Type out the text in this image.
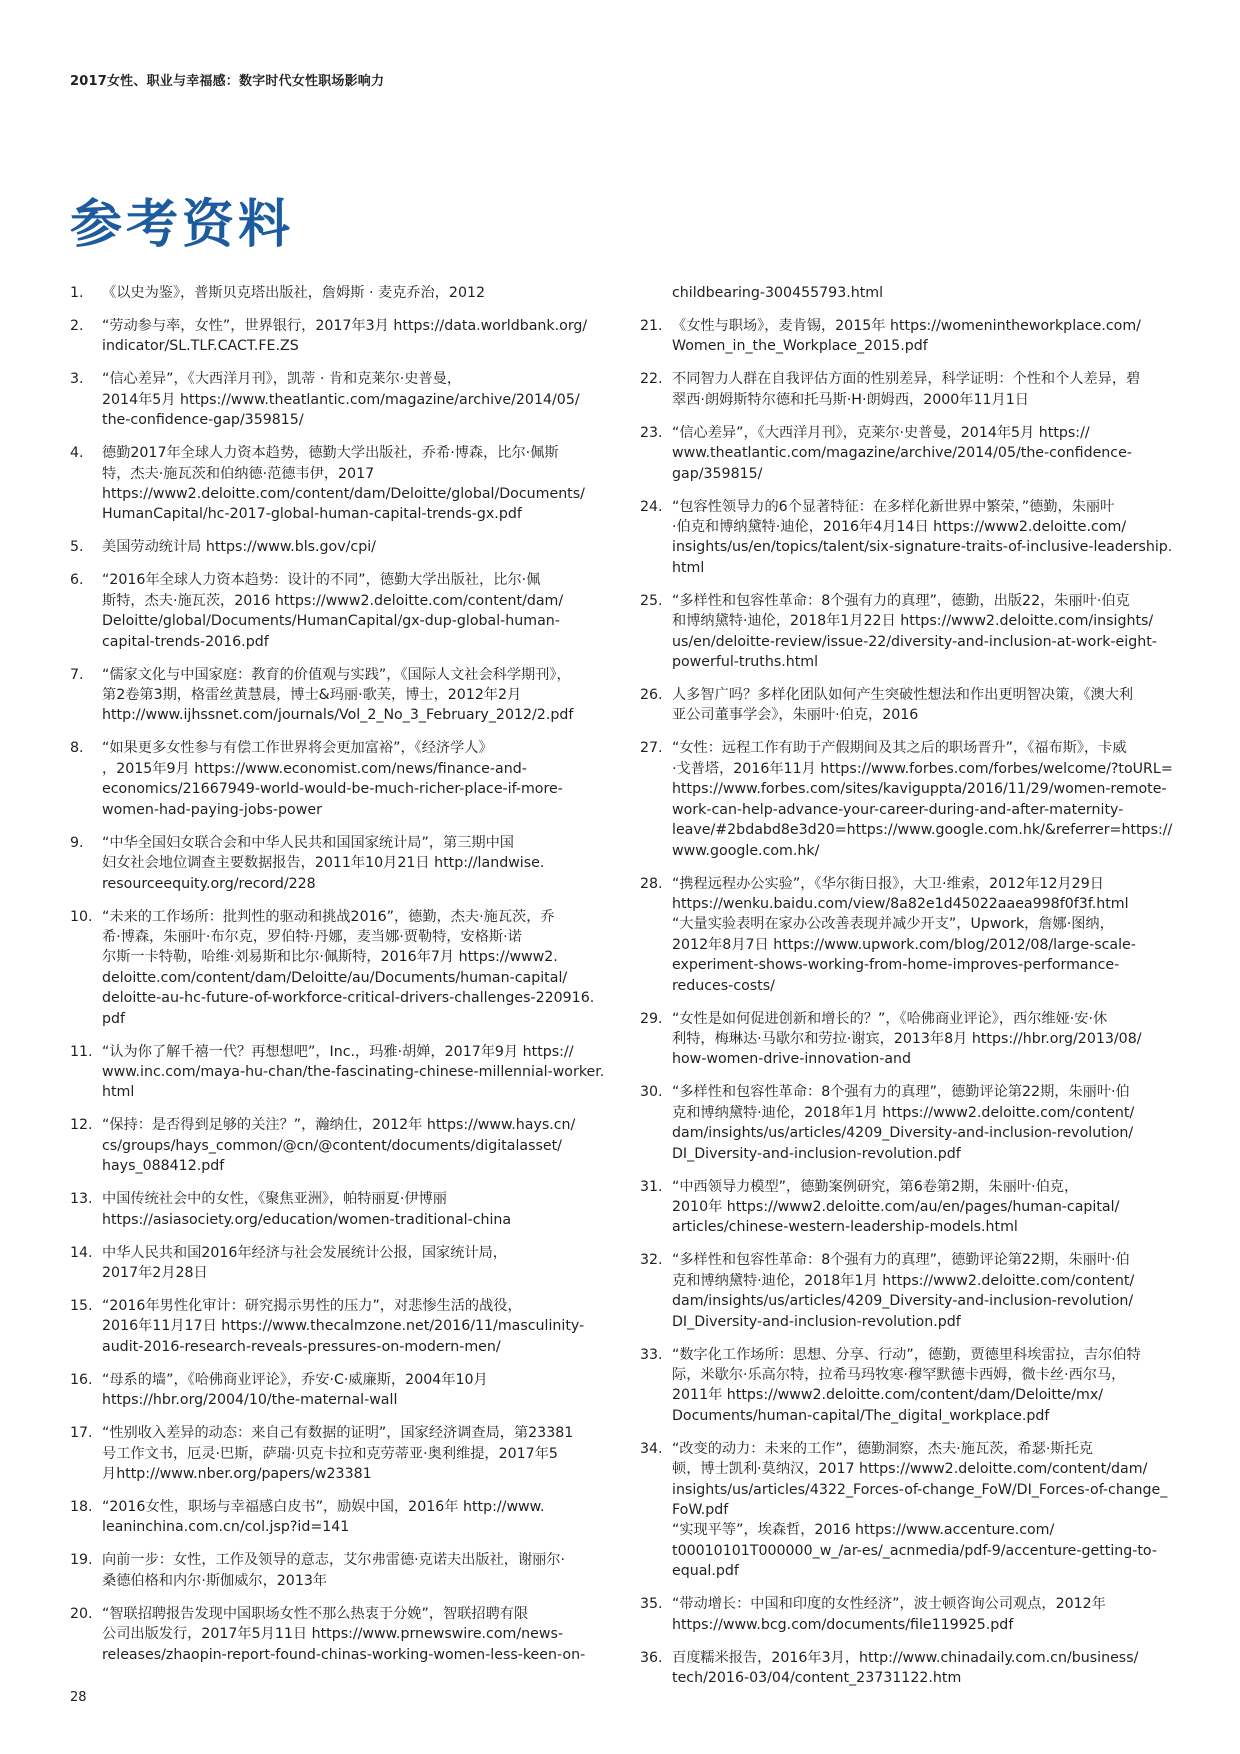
2017女性、职业与幸福感：数字时代女性职场影响力
参考资料
1. 《以史为鉴》，普斯贝克塔出版社，詹姆斯 · 麦克乔治，2012
2. “劳动参与率，女性”，世界银行，2017年3月 https://data.worldbank.org/
indicator/SL.TLF.CACT.FE.ZS
3. “信心差异”，《大西洋月刊》，凯蒂 · 肯和克莱尔·史普曼，
2014年5月 https://www.theatlantic.com/magazine/archive/2014/05/
the-confidence-gap/359815/
4. 德勤2017年全球人力资本趋势，德勤大学出版社，乔希·博森，比尔·佩斯
特，杰夫·施瓦茨和伯纳德·范德韦伊，2017
https://www2.deloitte.com/content/dam/Deloitte/global/Documents/
HumanCapital/hc-2017-global-human-capital-trends-gx.pdf
5. 美国劳动统计局 https://www.bls.gov/cpi/
6. “2016年全球人力资本趋势：设计的不同”，德勤大学出版社，比尔·佩
斯特，杰夫·施瓦茨，2016 https://www2.deloitte.com/content/dam/
Deloitte/global/Documents/HumanCapital/gx-dup-global-human-
capital-trends-2016.pdf
7. “儒家文化与中国家庭：教育的价值观与实践”，《国际人文社会科学期刊》，
第2卷第3期，格雷丝黄慧晨，博士&玛丽·歌芙，博士，2012年2月
http://www.ijhssnet.com/journals/Vol_2_No_3_February_2012/2.pdf
8. “如果更多女性参与有偿工作世界将会更加富裕”，《经济学人》
，2015年9月 https://www.economist.com/news/finance-and-
economics/21667949-world-would-be-much-richer-place-if-more-
women-had-paying-jobs-power
9. “中华全国妇女联合会和中华人民共和国国家统计局”，第三期中国
妇女社会地位调查主要数据报告，2011年10月21日 http://landwise.
resourceequity.org/record/228
10. “未来的工作场所：批判性的驱动和挑战2016”，德勤，杰夫·施瓦茨，乔
希·博森，朱丽叶·布尔克，罗伯特·丹娜，麦当娜·贾勒特，安格斯·诺
尔斯一卡特勒，哈维·刘易斯和比尔·佩斯特，2016年7月 https://www2.
deloitte.com/content/dam/Deloitte/au/Documents/human-capital/
deloitte-au-hc-future-of-workforce-critical-drivers-challenges-220916.
pdf
11. “认为你了解千禧一代？再想想吧”，Inc.，玛雅·胡婵，2017年9月 https://
www.inc.com/maya-hu-chan/the-fascinating-chinese-millennial-worker.
html
12. “保持：是否得到足够的关注？”，瀚纳仕，2012年 https://www.hays.cn/
cs/groups/hays_common/@cn/@content/documents/digitalasset/
hays_088412.pdf
13. 中国传统社会中的女性，《聚焦亚洲》，帕特丽夏·伊博丽
https://asiasociety.org/education/women-traditional-china
14. 中华人民共和国2016年经济与社会发展统计公报，国家统计局，
2017年2月28日
15. “2016年男性化审计：研究揭示男性的压力”，对悲惨生活的战役，
2016年11月17日 https://www.thecalmzone.net/2016/11/masculinity-
audit-2016-research-reveals-pressures-on-modern-men/
16. “母系的墙”，《哈佛商业评论》，乔安·C·威廉斯，2004年10月
https://hbr.org/2004/10/the-maternal-wall
17. “性别收入差异的动态：来自己有数据的证明”，国家经济调查局，第23381
号工作文书，厄灵·巴斯，萨瑞·贝克卡拉和克劳蒂亚·奥利维提，2017年5
月http://www.nber.org/papers/w23381
18. “2016女性，职场与幸福感白皮书”，励娱中国，2016年 http://www.
leaninchina.com.cn/col.jsp?id=141
19. 向前一步：女性，工作及领导的意志，艾尔弗雷德·克诺夫出版社，谢丽尔·
桑德伯格和内尔·斯伽威尔，2013年
20. “智联招聘报告发现中国职场女性不那么热衷于分娩”，智联招聘有限
公司出版发行，2017年5月11日 https://www.prnewswire.com/news-
releases/zhaopin-report-found-chinas-working-women-less-keen-on-
childbearing-300455793.html
21. 《女性与职场》，麦肯锡，2015年 https://womenintheworkplace.com/
Women_in_the_Workplace_2015.pdf
22. 不同智力人群在自我评估方面的性别差异，科学证明：个性和个人差异，碧
翠西·朗姆斯特尔德和托马斯·H·朗姆西，2000年11月1日
23. “信心差异”，《大西洋月刊》，克莱尔·史普曼，2014年5月 https://
www.theatlantic.com/magazine/archive/2014/05/the-confidence-
gap/359815/
24. “包容性领导力的6个显著特征：在多样化新世界中繁荣，”德勤，朱丽叶
·伯克和博纳黛特·迪伦，2016年4月14日 https://www2.deloitte.com/
insights/us/en/topics/talent/six-signature-traits-of-inclusive-leadership.
html
25. “多样性和包容性革命：8个强有力的真理”，德勤，出版22，朱丽叶·伯克
和博纳黛特·迪伦，2018年1月22日 https://www2.deloitte.com/insights/
us/en/deloitte-review/issue-22/diversity-and-inclusion-at-work-eight-
powerful-truths.html
26. 人多智广吗？多样化团队如何产生突破性想法和作出更明智决策，《澳大利
亚公司董事学会》，朱丽叶·伯克，2016
27. “女性：远程工作有助于产假期间及其之后的职场晋升”，《福布斯》，卡威
·戈普塔，2016年11月 https://www.forbes.com/forbes/welcome/?toURL=
https://www.forbes.com/sites/kaviguppta/2016/11/29/women-remote-
work-can-help-advance-your-career-during-and-after-maternity-
leave/#2bdabd8e3d20=https://www.google.com.hk/&referrer=https://
www.google.com.hk/
28. “携程远程办公实验”，《华尔街日报》，大卫·维索，2012年12月29日
https://wenku.baidu.com/view/8a82e1d45022aaea998f0f3f.html
“大量实验表明在家办公改善表现并减少开支”，Upwork，詹娜·图纳，
2012年8月7日 https://www.upwork.com/blog/2012/08/large-scale-
experiment-shows-working-from-home-improves-performance-
reduces-costs/
29. “女性是如何促进创新和增长的？”，《哈佛商业评论》，西尔维娅·安·休
利特，梅琳达·马歇尔和劳拉·谢宾，2013年8月 https://hbr.org/2013/08/
how-women-drive-innovation-and
30. “多样性和包容性革命：8个强有力的真理”，德勤评论第22期，朱丽叶·伯
克和博纳黛特·迪伦，2018年1月 https://www2.deloitte.com/content/
dam/insights/us/articles/4209_Diversity-and-inclusion-revolution/
DI_Diversity-and-inclusion-revolution.pdf
31. “中西领导力模型”，德勤案例研究，第6卷第2期，朱丽叶·伯克，
2010年 https://www2.deloitte.com/au/en/pages/human-capital/
articles/chinese-western-leadership-models.html
32. “多样性和包容性革命：8个强有力的真理”，德勤评论第22期，朱丽叶·伯
克和博纳黛特·迪伦，2018年1月 https://www2.deloitte.com/content/
dam/insights/us/articles/4209_Diversity-and-inclusion-revolution/
DI_Diversity-and-inclusion-revolution.pdf
33. “数字化工作场所：思想、分享、行动”，德勤，贾德里科埃雷拉，吉尔伯特
际，米歇尔·乐高尔特，拉希马玛牧寒·穆罕默德卡西姆，微卡丝·西尔马，
2011年 https://www2.deloitte.com/content/dam/Deloitte/mx/
Documents/human-capital/The_digital_workplace.pdf
34. “改变的动力：未来的工作”，德勤洞察，杰夫·施瓦茨，希瑟·斯托克
顿，博士凯利·莫纳汉，2017 https://www2.deloitte.com/content/dam/
insights/us/articles/4322_Forces-of-change_FoW/DI_Forces-of-change_
FoW.pdf
“实现平等”，埃森哲，2016 https://www.accenture.com/
t00010101T000000_w_/ar-es/_acnmedia/pdf-9/accenture-getting-to-
equal.pdf
35. “带动增长：中国和印度的女性经济”，波士顿咨询公司观点，2012年
https://www.bcg.com/documents/file119925.pdf
36. 百度糯米报告，2016年3月，http://www.chinadaily.com.cn/business/
tech/2016-03/04/content_23731122.htm
28
